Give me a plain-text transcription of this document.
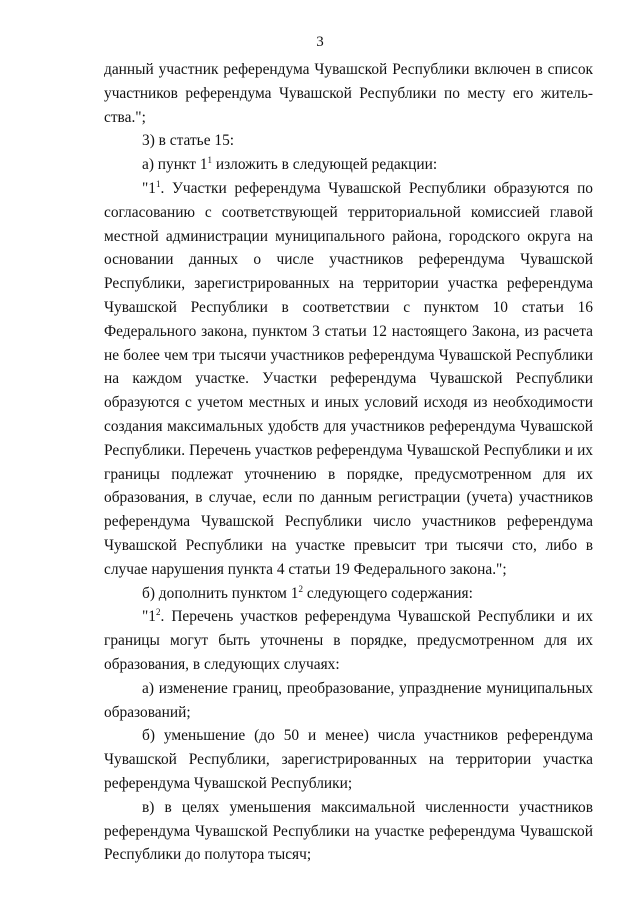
3

данный участник референдума Чувашской Республики включен в список участников референдума Чувашской Республики по месту его житель-ства.";

3) в статье 15:

а) пункт $1^1$ изложить в следующей редакции:

"$1^1$. Участки референдума Чувашской Республики образуются по согласованию с соответствующей территориальной комиссией главой местной администрации муниципального района, городского округа на основании данных о числе участников референдума Чувашской Республики, зарегистрированных на территории участка референдума Чувашской Республики в соответствии с пунктом 10 статьи 16 Федерального закона, пунктом 3 статьи 12 настоящего Закона, из расчета не более чем три тысячи участников референдума Чувашской Республики на каждом участке. Участки референдума Чувашской Республики образуются с учетом местных и иных условий исходя из необходимости создания максимальных удобств для участников референдума Чувашской Республики. Перечень участков референдума Чувашской Республики и их границы подлежат уточнению в порядке, предусмотренном для их образования, в случае, если по данным регистрации (учета) участников референдума Чувашской Республики число участников референдума Чувашской Республики на участке превысит три тысячи сто, либо в случае нарушения пункта 4 статьи 19 Федерального закона.";

б) дополнить пунктом $1^2$ следующего содержания:

"$1^2$. Перечень участков референдума Чувашской Республики и их границы могут быть уточнены в порядке, предусмотренном для их образования, в следующих случаях:

а) изменение границ, преобразование, упразднение муниципальных образований;

б) уменьшение (до 50 и менее) числа участников референдума Чувашской Республики, зарегистрированных на территории участка референдума Чувашской Республики;

в) в целях уменьшения максимальной численности участников референдума Чувашской Республики на участке референдума Чувашской Республики до полутора тысяч;
